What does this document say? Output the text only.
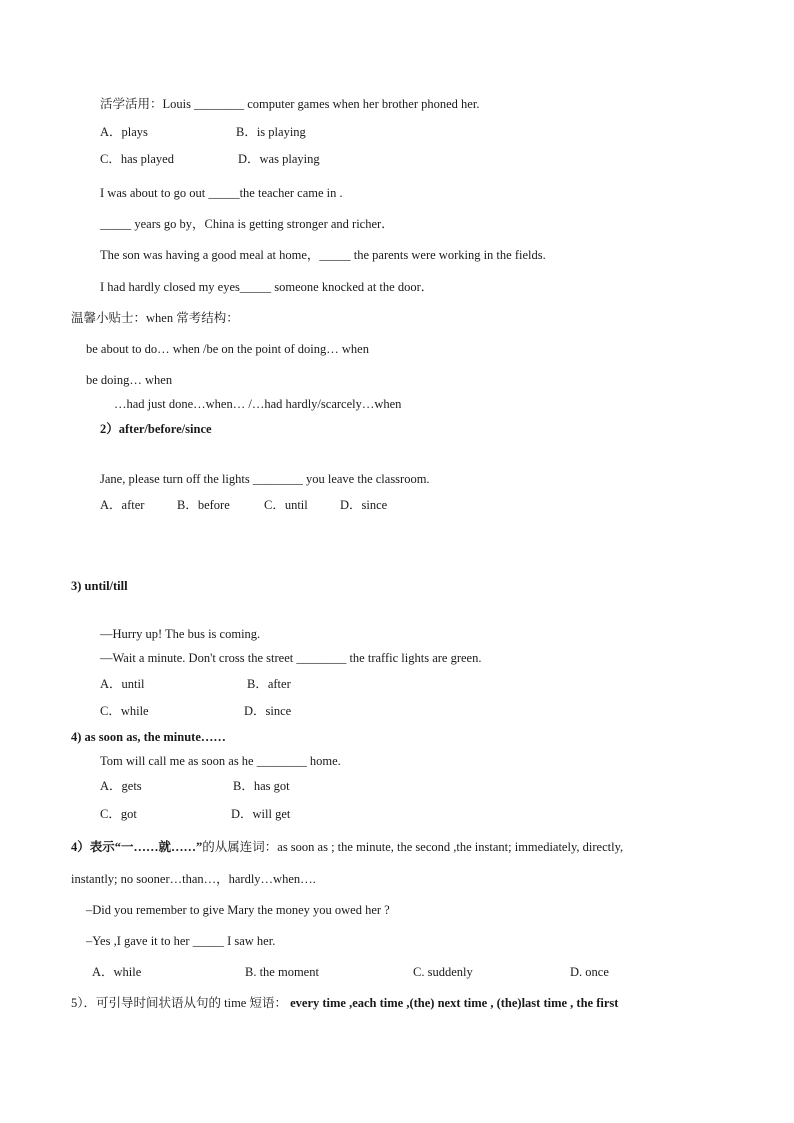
活学活用：Louis ________ computer games when her brother phoned her.
A．plays	B．is playing
C．has played	D．was playing
I was about to go out _____the teacher came in .
_____ years go by，China is getting stronger and richer．
The son was having a good meal at home，_____ the parents were working in the fields.
I had hardly closed my eyes_____ someone knocked at the door．
温馨小贴士：when 常考结构：
be about to do… when /be on the point of doing… when
be doing… when
…had just done…when… /…had hardly/scarcely…when
2）after/before/since
Jane, please turn off the lights ________ you leave the classroom.
A．after	B．before	C．until	D．since
3) until/till
—Hurry up! The bus is coming.
—Wait a minute. Don't cross the street ________ the traffic lights are green.
A．until	B．after
C．while	D．since
4) as soon as, the minute……
Tom will call me as soon as he ________ home.
A．gets	B．has got
C．got	D．will get
4）表示“一……就……”的从属连词：as soon as ; the minute, the second ,the instant; immediately, directly,
instantly; no sooner…than…，hardly…when….
–Did you remember to give Mary the money you owed her ?
–Yes ,I gave it to her _____ I saw her.
A．while	B. the moment	C. suddenly	D. once
5）．可引导时间状语从句的 time 短语： every time ,each time ,(the) next time , (the)last time , the first
